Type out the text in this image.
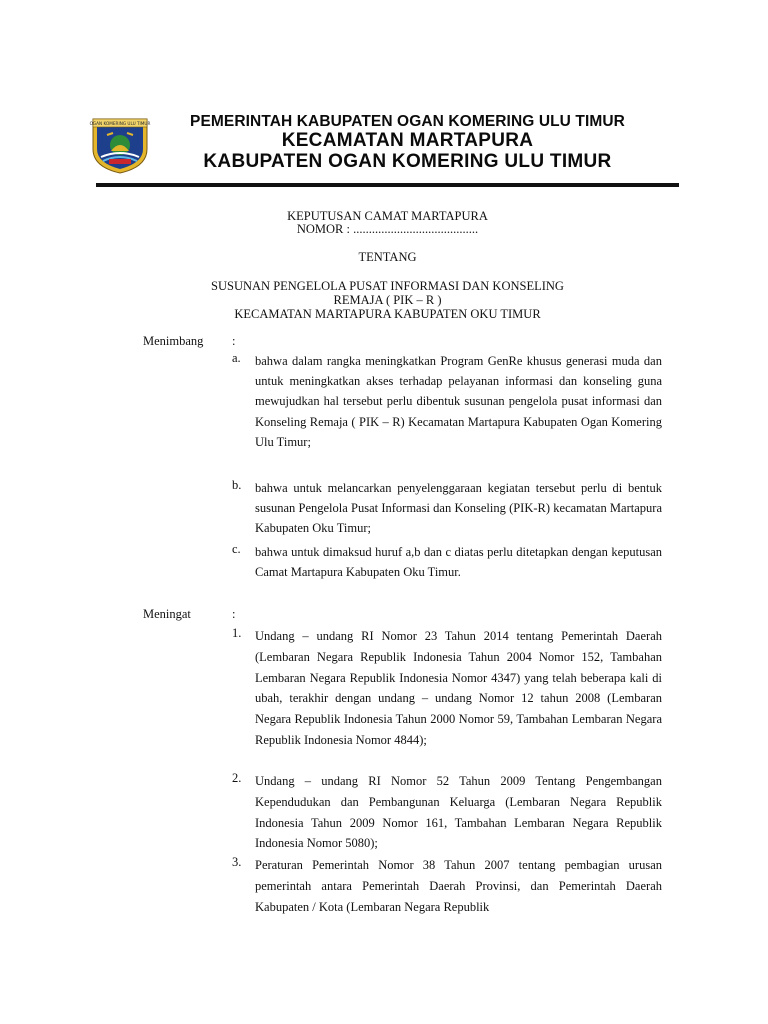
OGAN KOMERING ULU TIMUR	PEMERINTAH KABUPATEN OGAN KOMERING ULU TIMUR
KECAMATAN MARTAPURA
KABUPATEN OGAN KOMERING ULU TIMUR
KEPUTUSAN CAMAT MARTAPURA
NOMOR : ........................................
TENTANG
SUSUNAN PENGELOLA PUSAT INFORMASI DAN KONSELING
REMAJA ( PIK – R )
KECAMATAN MARTAPURA KABUPATEN OKU TIMUR
Menimbang :
a.	bahwa dalam rangka meningkatkan Program GenRe khusus generasi muda dan untuk meningkatkan akses terhadap pelayanan informasi dan konseling guna mewujudkan hal tersebut perlu dibentuk susunan pengelola pusat informasi dan Konseling Remaja ( PIK – R) Kecamatan Martapura Kabupaten Ogan Komering Ulu Timur;
b.	bahwa untuk melancarkan penyelenggaraan kegiatan tersebut perlu di bentuk susunan Pengelola Pusat Informasi dan Konseling (PIK-R) kecamatan Martapura Kabupaten Oku Timur;
c.	bahwa untuk dimaksud huruf a,b dan c diatas perlu ditetapkan dengan keputusan Camat Martapura Kabupaten Oku Timur.
Meningat	:
1.	Undang – undang RI Nomor 23 Tahun 2014 tentang Pemerintah Daerah (Lembaran Negara Republik Indonesia Tahun 2004 Nomor 152, Tambahan Lembaran Negara Republik Indonesia Nomor 4347) yang telah beberapa kali di ubah, terakhir dengan undang – undang Nomor 12 tahun 2008 (Lembaran Negara Republik Indonesia Tahun 2000 Nomor 59, Tambahan Lembaran Negara Republik Indonesia Nomor 4844);
2.	Undang – undang RI Nomor 52 Tahun 2009 Tentang Pengembangan Kependudukan dan Pembangunan Keluarga (Lembaran Negara Republik Indonesia Tahun 2009 Nomor 161, Tambahan Lembaran Negara Republik Indonesia Nomor 5080);
3.	Peraturan Pemerintah Nomor 38 Tahun 2007 tentang pembagian urusan pemerintah antara Pemerintah Daerah Provinsi, dan Pemerintah Daerah Kabupaten / Kota (Lembaran Negara Republik
